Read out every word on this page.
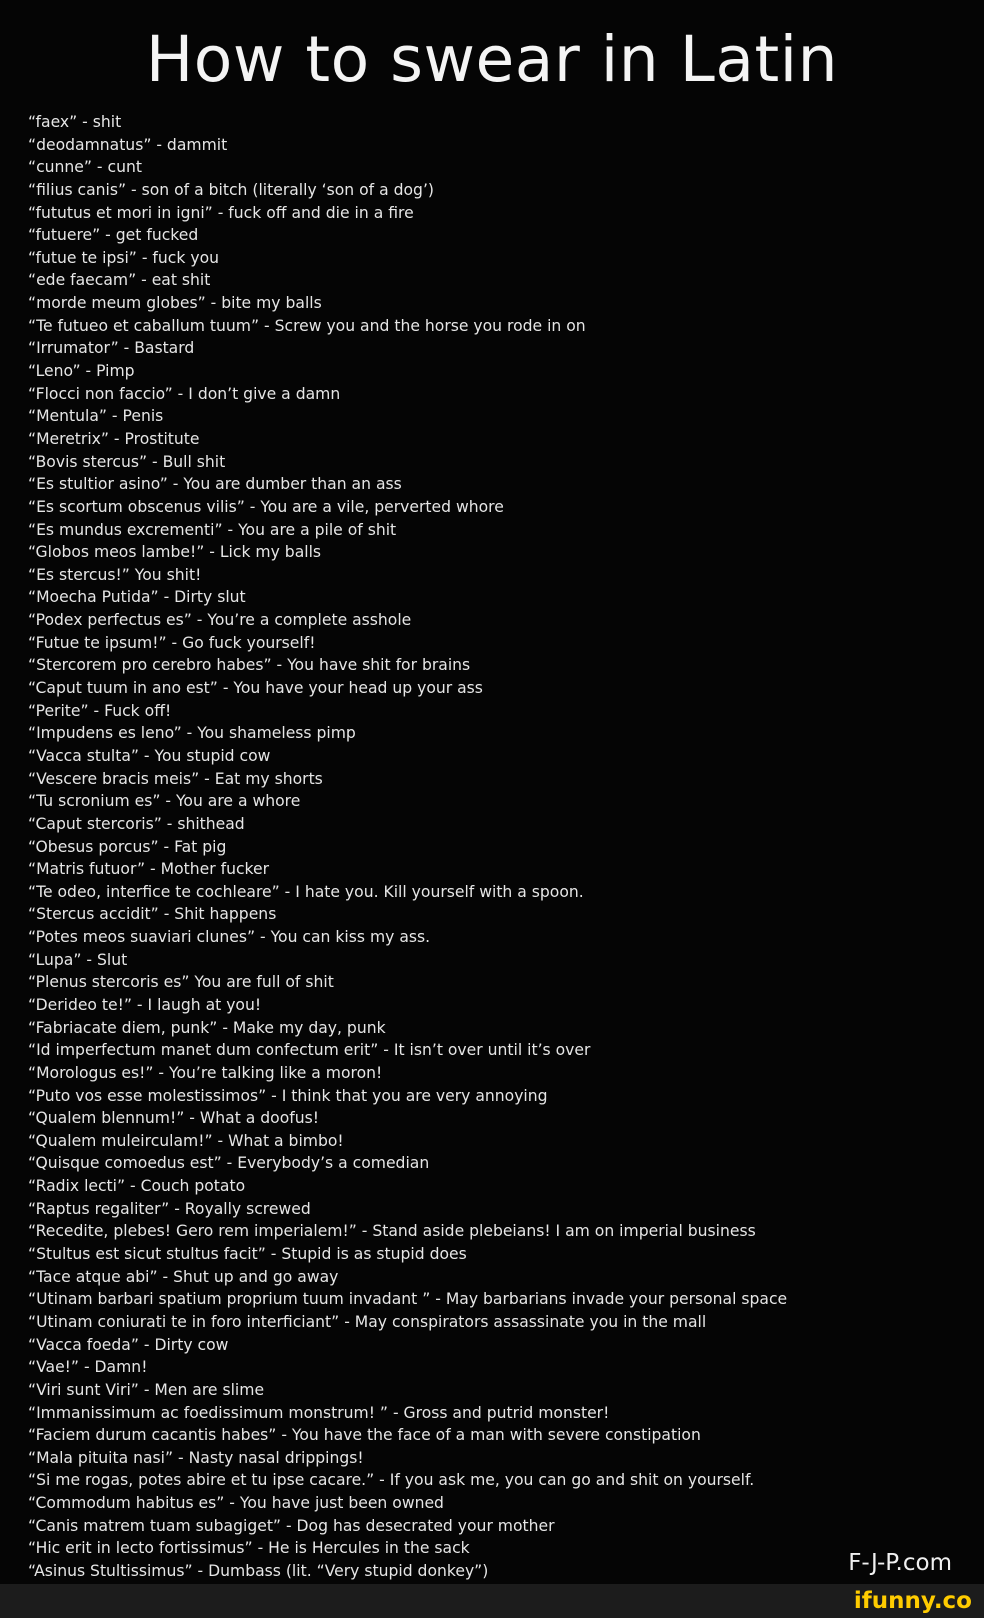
How to swear in Latin
“faex” - shit
“deodamnatus” - dammit
“cunne” - cunt
“filius canis” - son of a bitch (literally ‘son of a dog’)
“fututus et mori in igni” - fuck off and die in a fire
“futuere” - get fucked
“futue te ipsi” - fuck you
“ede faecam” - eat shit
“morde meum globes” - bite my balls
“Te futueo et caballum tuum” - Screw you and the horse you rode in on
“Irrumator” - Bastard
“Leno” - Pimp
“Flocci non faccio” - I don’t give a damn
“Mentula” - Penis
“Meretrix” - Prostitute
“Bovis stercus” - Bull shit
“Es stultior asino” - You are dumber than an ass
“Es scortum obscenus vilis” - You are a vile, perverted whore
“Es mundus excrementi” - You are a pile of shit
“Globos meos lambe!” - Lick my balls
“Es stercus!” You shit!
“Moecha Putida” - Dirty slut
“Podex perfectus es” - You’re a complete asshole
“Futue te ipsum!” - Go fuck yourself!
“Stercorem pro cerebro habes” - You have shit for brains
“Caput tuum in ano est” - You have your head up your ass
“Perite” - Fuck off!
“Impudens es leno” - You shameless pimp
“Vacca stulta” - You stupid cow
“Vescere bracis meis” - Eat my shorts
“Tu scronium es” - You are a whore
“Caput stercoris” - shithead
“Obesus porcus” - Fat pig
“Matris futuor” - Mother fucker
“Te odeo, interfice te cochleare” - I hate you. Kill yourself with a spoon.
“Stercus accidit” - Shit happens
“Potes meos suaviari clunes” - You can kiss my ass.
“Lupa” - Slut
“Plenus stercoris es” You are full of shit
“Derideo te!” - I laugh at you!
“Fabriacate diem, punk” - Make my day, punk
“Id imperfectum manet dum confectum erit” - It isn’t over until it’s over
“Morologus es!” - You’re talking like a moron!
“Puto vos esse molestissimos” - I think that you are very annoying
“Qualem blennum!” - What a doofus!
“Qualem muleirculam!” - What a bimbo!
“Quisque comoedus est” - Everybody’s a comedian
“Radix lecti” - Couch potato
“Raptus regaliter” - Royally screwed
“Recedite, plebes! Gero rem imperialem!” - Stand aside plebeians! I am on imperial business
“Stultus est sicut stultus facit” - Stupid is as stupid does
“Tace atque abi” - Shut up and go away
“Utinam barbari spatium proprium tuum invadant ” - May barbarians invade your personal space
“Utinam coniurati te in foro interficiant” - May conspirators assassinate you in the mall
“Vacca foeda” - Dirty cow
“Vae!” - Damn!
“Viri sunt Viri” - Men are slime
“Immanissimum ac foedissimum monstrum! ” - Gross and putrid monster!
“Faciem durum cacantis habes” - You have the face of a man with severe constipation
“Mala pituita nasi” - Nasty nasal drippings!
“Si me rogas, potes abire et tu ipse cacare.” - If you ask me, you can go and shit on yourself.
“Commodum habitus es” - You have just been owned
“Canis matrem tuam subagiget” - Dog has desecrated your mother
“Hic erit in lecto fortissimus” - He is Hercules in the sack
“Asinus Stultissimus” - Dumbass (lit. “Very stupid donkey”)	F-J-P.com
ifunny.co
